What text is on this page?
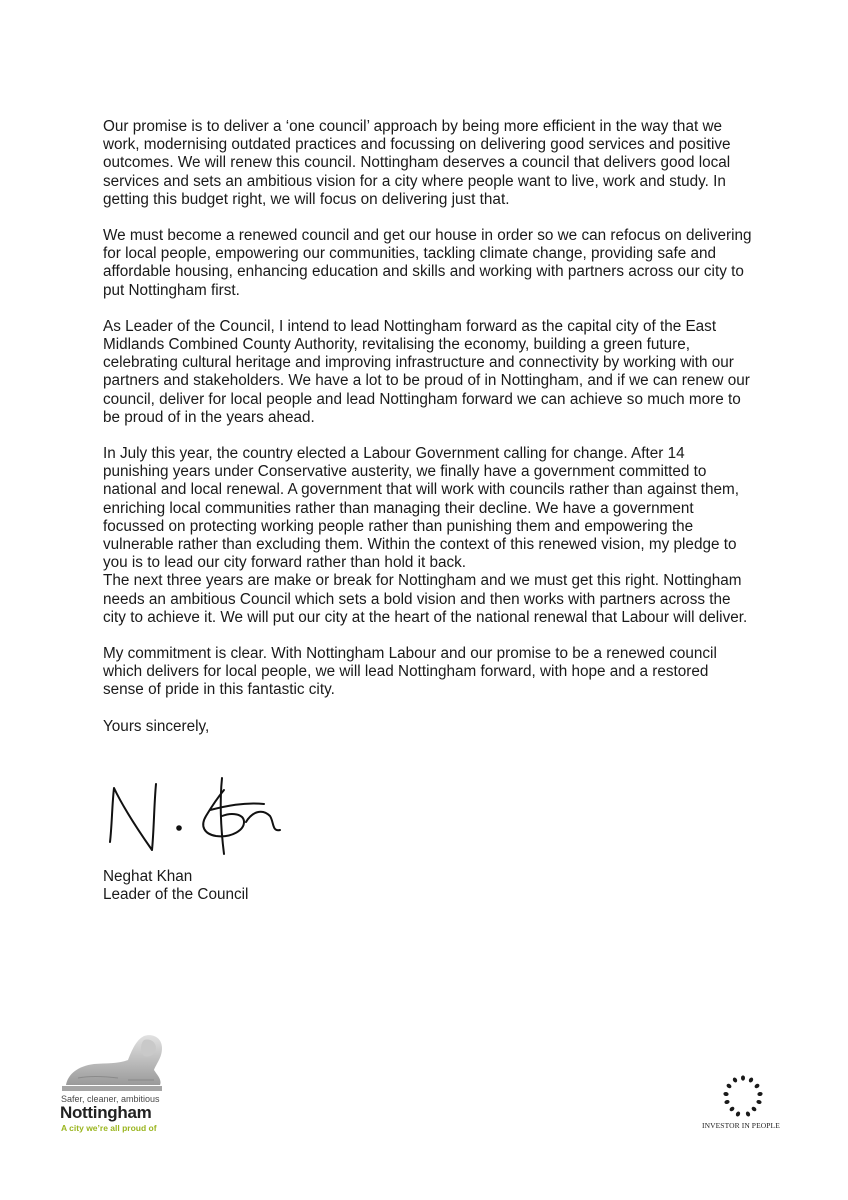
Our promise is to deliver a ‘one council’ approach by being more efficient in the way that we work, modernising outdated practices and focussing on delivering good services and positive outcomes. We will renew this council. Nottingham deserves a council that delivers good local services and sets an ambitious vision for a city where people want to live, work and study. In getting this budget right, we will focus on delivering just that.

We must become a renewed council and get our house in order so we can refocus on delivering for local people, empowering our communities, tackling climate change, providing safe and affordable housing, enhancing education and skills and working with partners across our city to put Nottingham first.

As Leader of the Council, I intend to lead Nottingham forward as the capital city of the East Midlands Combined County Authority, revitalising the economy, building a green future, celebrating cultural heritage and improving infrastructure and connectivity by working with our partners and stakeholders. We have a lot to be proud of in Nottingham, and if we can renew our council, deliver for local people and lead Nottingham forward we can achieve so much more to be proud of in the years ahead.

In July this year, the country elected a Labour Government calling for change. After 14 punishing years under Conservative austerity, we finally have a government committed to national and local renewal. A government that will work with councils rather than against them, enriching local communities rather than managing their decline. We have a government focussed on protecting working people rather than punishing them and empowering the vulnerable rather than excluding them. Within the context of this renewed vision, my pledge to you is to lead our city forward rather than hold it back.

The next three years are make or break for Nottingham and we must get this right. Nottingham needs an ambitious Council which sets a bold vision and then works with partners across the city to achieve it. We will put our city at the heart of the national renewal that Labour will deliver.

My commitment is clear. With Nottingham Labour and our promise to be a renewed council which delivers for local people, we will lead Nottingham forward, with hope and a restored sense of pride in this fantastic city.

Yours sincerely,

Neghat Khan
Leader of the Council
Safer, cleaner, ambitious
Nottingham
A city we’re all proud of	INVESTOR IN PEOPLE
